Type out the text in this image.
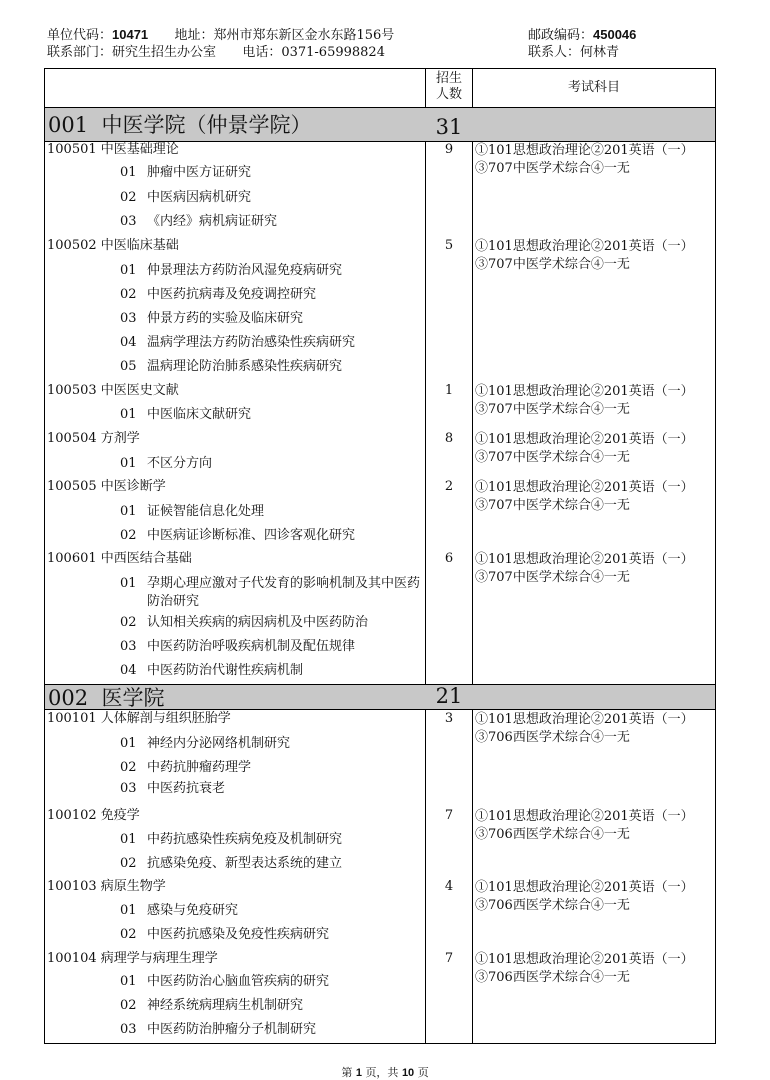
单位代码：10471 地址：郑州市郑东新区金水东路156号	邮政编码：450046
联系部门：研究生招生办公室 电话：0371-65998824	联系人：何林青
招生
人数	考试科目
001 中医学院（仲景学院）	31
100501 中医基础理论	9	①101思想政治理论②201英语（一）③707中医学术综合④一无
01 肿瘤中医方证研究
02 中医病因病机研究
03 《内经》病机病证研究
100502 中医临床基础	5	①101思想政治理论②201英语（一）③707中医学术综合④一无
01 仲景理法方药防治风湿免疫病研究
02 中医药抗病毒及免疫调控研究
03 仲景方药的实验及临床研究
04 温病学理法方药防治感染性疾病研究
05 温病理论防治肺系感染性疾病研究
100503 中医医史文献	1	①101思想政治理论②201英语（一）③707中医学术综合④一无
01 中医临床文献研究
100504 方剂学	8	①101思想政治理论②201英语（一）③707中医学术综合④一无
01 不区分方向
100505 中医诊断学	2	①101思想政治理论②201英语（一）③707中医学术综合④一无
01 证候智能信息化处理
02 中医病证诊断标准、四诊客观化研究
100601 中西医结合基础	6	①101思想政治理论②201英语（一）③707中医学术综合④一无
01 孕期心理应激对子代发育的影响机制及其中医药防治研究
02 认知相关疾病的病因病机及中医药防治
03 中医药防治呼吸疾病机制及配伍规律
04 中医药防治代谢性疾病机制
002 医学院	21
100101 人体解剖与组织胚胎学	3	①101思想政治理论②201英语（一）③706西医学术综合④一无
01 神经内分泌网络机制研究
02 中药抗肿瘤药理学
03 中医药抗衰老
100102 免疫学	7	①101思想政治理论②201英语（一）③706西医学术综合④一无
01 中药抗感染性疾病免疫及机制研究
02 抗感染免疫、新型表达系统的建立
100103 病原生物学	4	①101思想政治理论②201英语（一）③706西医学术综合④一无
01 感染与免疫研究
02 中医药抗感染及免疫性疾病研究
100104 病理学与病理生理学	7	①101思想政治理论②201英语（一）③706西医学术综合④一无
01 中医药防治心脑血管疾病的研究
02 神经系统病理病生机制研究
03 中医药防治肿瘤分子机制研究
第 1 页，共 10 页
